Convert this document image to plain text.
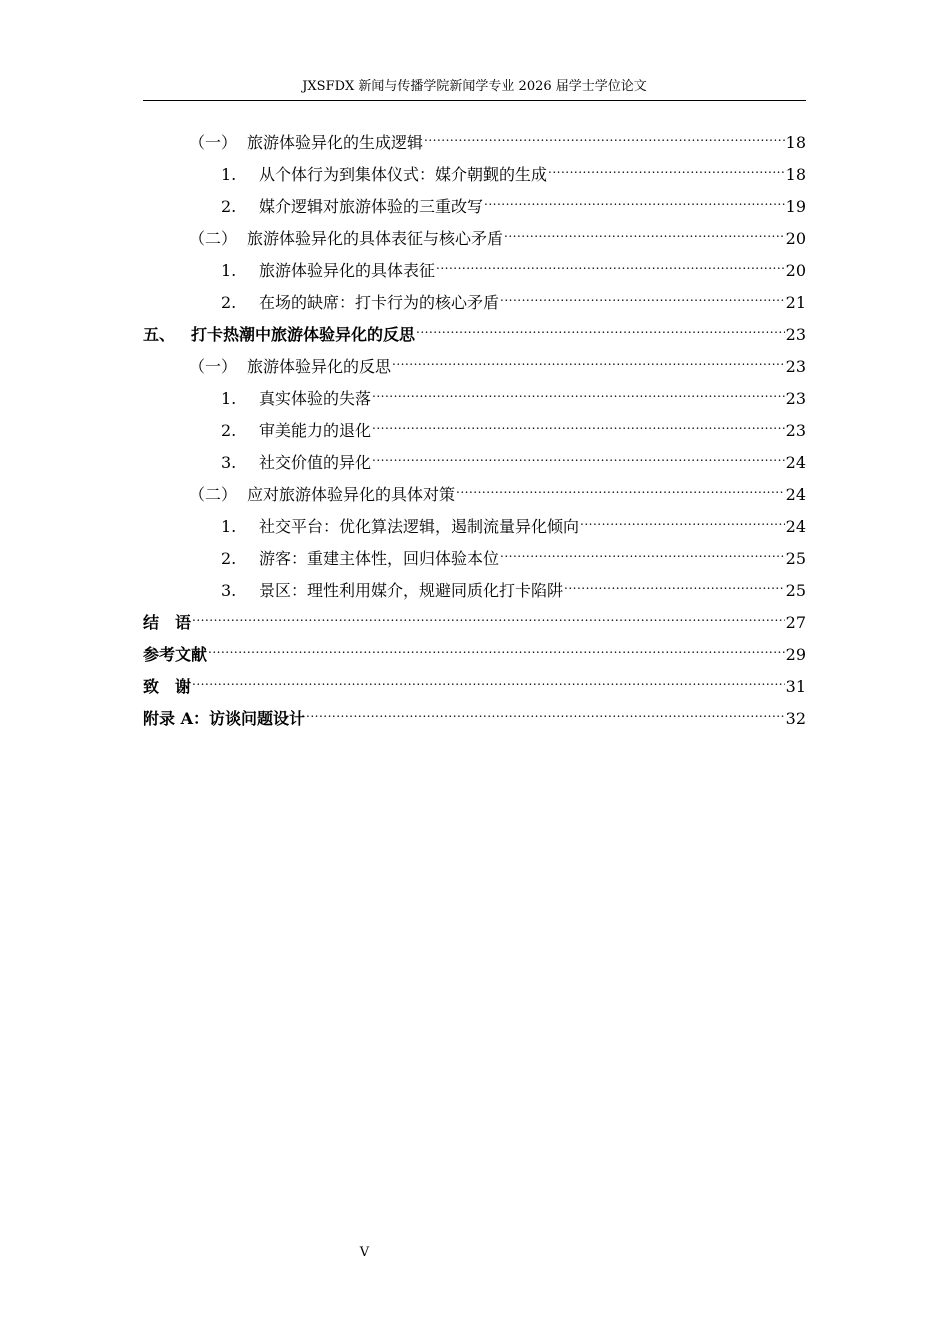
JXSFDX 新闻与传播学院新闻学专业 2026 届学士学位论文
（一） 旅游体验异化的生成逻辑 .....	18
1.	从个体行为到集体仪式：媒介朝觐的生成 .....	18
2.	媒介逻辑对旅游体验的三重改写 .....	19
（二） 旅游体验异化的具体表征与核心矛盾 .....	20
1.	旅游体验异化的具体表征 .....	20
2.	在场的缺席：打卡行为的核心矛盾 .....	21
五、 打卡热潮中旅游体验异化的反思 .....	23
（一） 旅游体验异化的反思 .....	23
1.	真实体验的失落 .....	23
2.	审美能力的退化 .....	23
3.	社交价值的异化 .....	24
（二） 应对旅游体验异化的具体对策 .....	24
1.	社交平台：优化算法逻辑，遏制流量异化倾向 .....	24
2.	游客：重建主体性，回归体验本位 .....	25
3.	景区：理性利用媒介，规避同质化打卡陷阱 .....	25
结　语 .....	27
参考文献 .....	29
致　谢 .....	31
附录 A：访谈问题设计 .....	32
V
